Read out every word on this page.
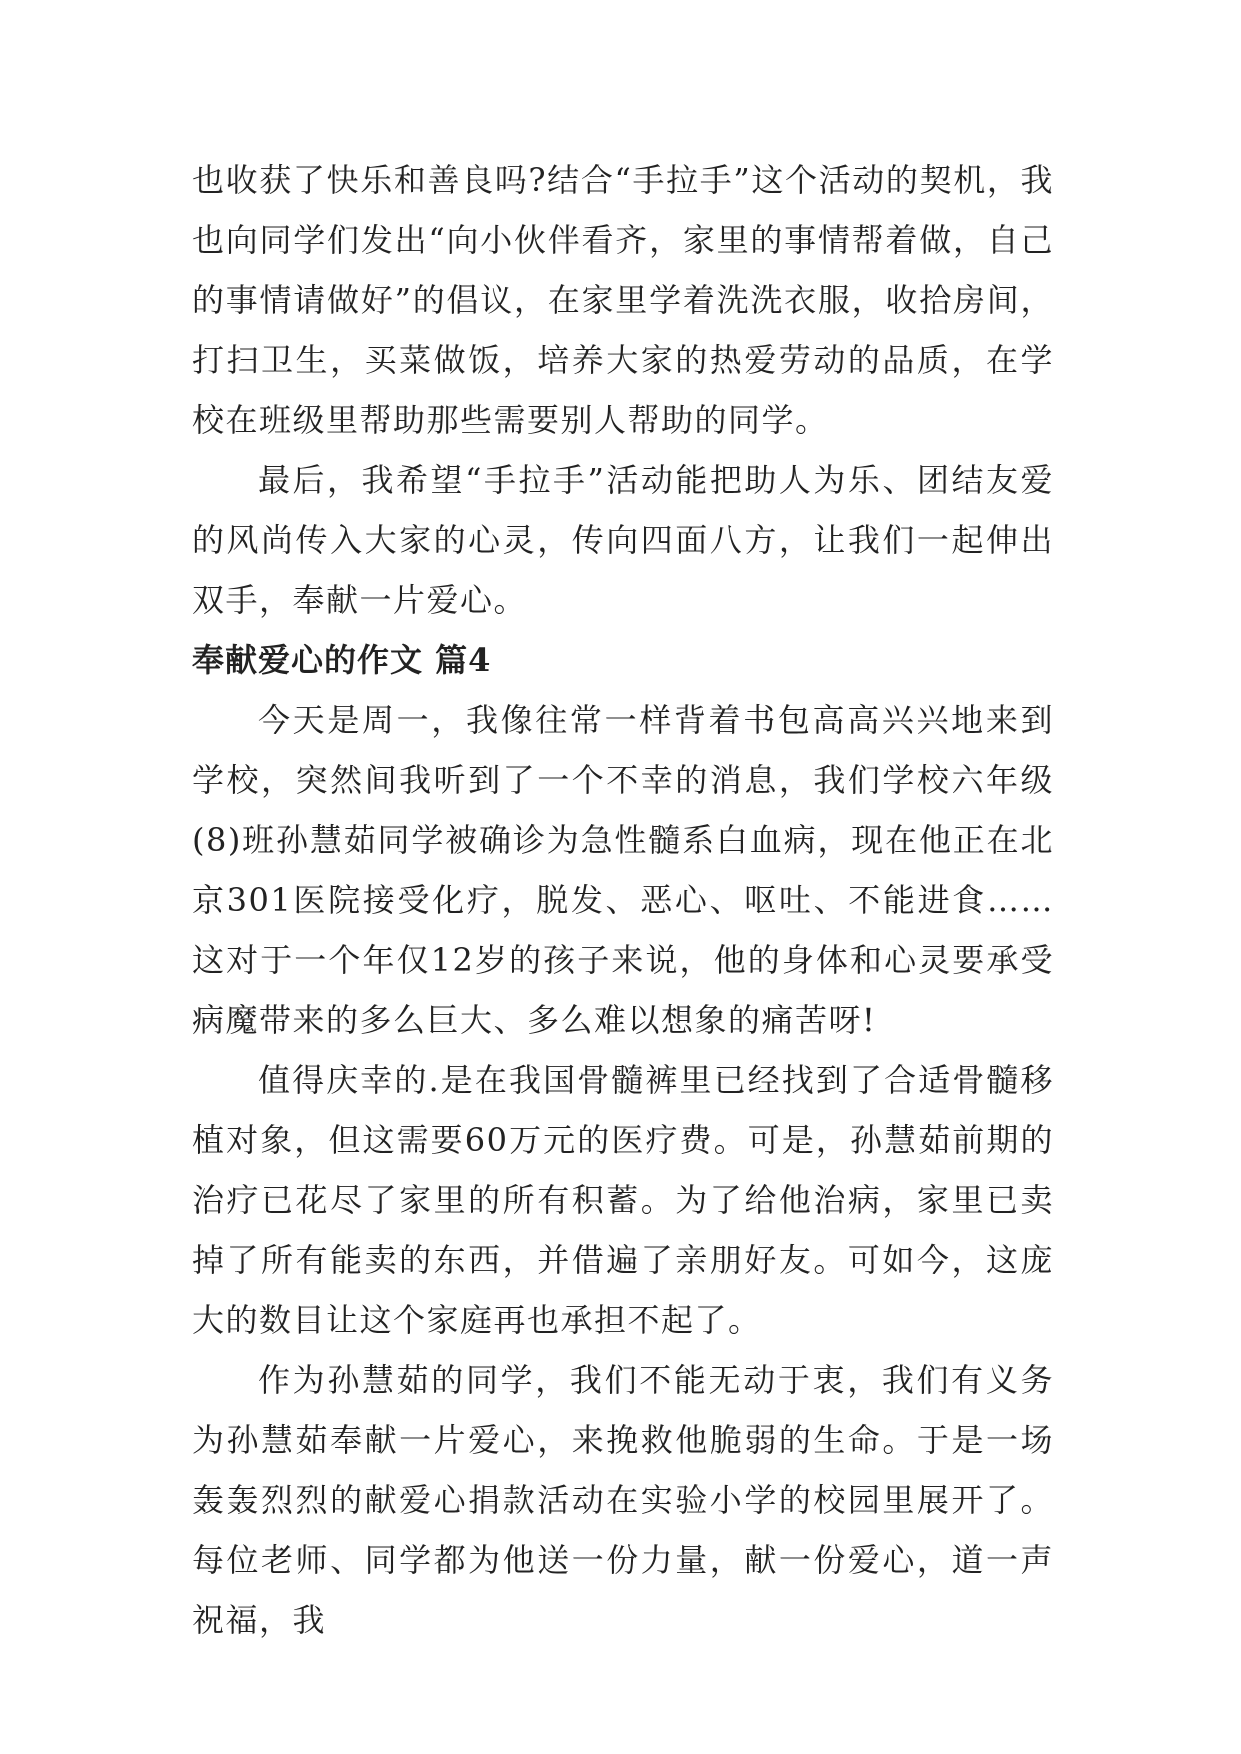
也收获了快乐和善良吗?结合“手拉手”这个活动的契机，我也向同学们发出“向小伙伴看齐，家里的事情帮着做，自己的事情请做好”的倡议，在家里学着洗洗衣服，收拾房间，打扫卫生，买菜做饭，培养大家的热爱劳动的品质，在学校在班级里帮助那些需要别人帮助的同学。

最后，我希望“手拉手”活动能把助人为乐、团结友爱的风尚传入大家的心灵，传向四面八方，让我们一起伸出双手，奉献一片爱心。

奉献爱心的作文 篇4

今天是周一，我像往常一样背着书包高高兴兴地来到学校，突然间我听到了一个不幸的消息，我们学校六年级(8)班孙慧茹同学被确诊为急性髓系白血病，现在他正在北京301医院接受化疗，脱发、恶心、呕吐、不能进食……这对于一个年仅12岁的孩子来说，他的身体和心灵要承受病魔带来的多么巨大、多么难以想象的痛苦呀!

值得庆幸的.是在我国骨髓裤里已经找到了合适骨髓移植对象，但这需要60万元的医疗费。可是，孙慧茹前期的治疗已花尽了家里的所有积蓄。为了给他治病，家里已卖掉了所有能卖的东西，并借遍了亲朋好友。可如今，这庞大的数目让这个家庭再也承担不起了。

作为孙慧茹的同学，我们不能无动于衷，我们有义务为孙慧茹奉献一片爱心，来挽救他脆弱的生命。于是一场轰轰烈烈的献爱心捐款活动在实验小学的校园里展开了。每位老师、同学都为他送一份力量，献一份爱心，道一声祝福，我
